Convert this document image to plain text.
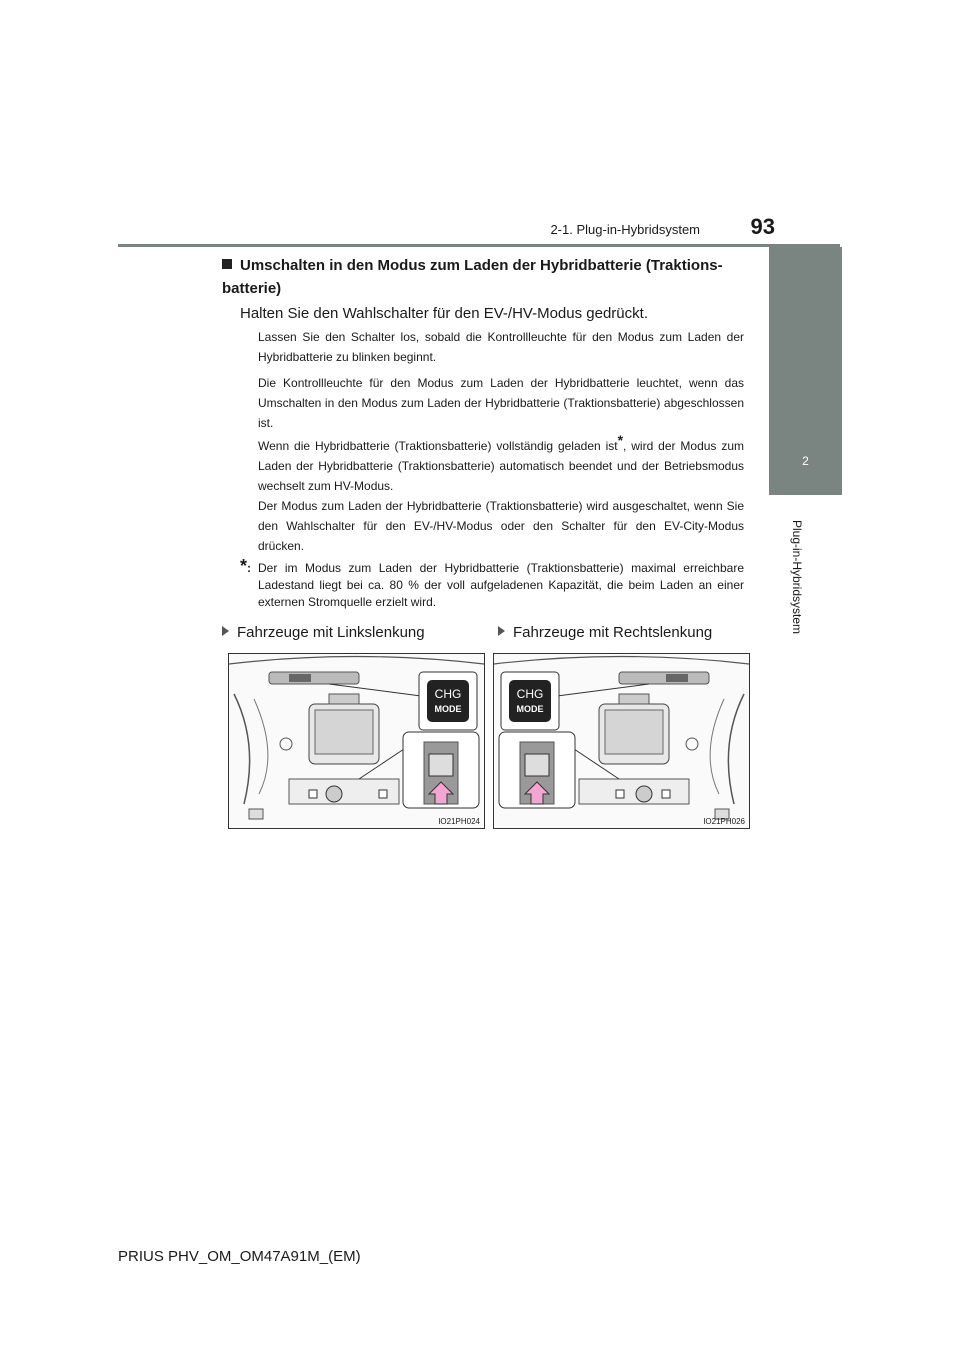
2-1. Plug-in-Hybridsystem	93
2
Plug-in-Hybridsystem
Umschalten in den Modus zum Laden der Hybridbatterie (Traktions-batterie)
Halten Sie den Wahlschalter für den EV-/HV-Modus gedrückt.
Lassen Sie den Schalter los, sobald die Kontrollleuchte für den Modus zum Laden der Hybridbatterie zu blinken beginnt.
Die Kontrollleuchte für den Modus zum Laden der Hybridbatterie leuchtet, wenn das Umschalten in den Modus zum Laden der Hybridbatterie (Traktionsbatterie) abgeschlossen ist.
Wenn die Hybridbatterie (Traktionsbatterie) vollständig geladen ist*, wird der Modus zum Laden der Hybridbatterie (Traktionsbatterie) automatisch beendet und der Betriebsmodus wechselt zum HV-Modus.
Der Modus zum Laden der Hybridbatterie (Traktionsbatterie) wird ausgeschaltet, wenn Sie den Wahlschalter für den EV-/HV-Modus oder den Schalter für den EV-City-Modus drücken.
*: Der im Modus zum Laden der Hybridbatterie (Traktionsbatterie) maximal erreichbare Ladestand liegt bei ca. 80 % der voll aufgeladenen Kapazität, die beim Laden an einer externen Stromquelle erzielt wird.
Fahrzeuge mit Linkslenkung	Fahrzeuge mit Rechtslenkung
CHG
MODE
IO21PH024
CHG
MODE
IO21PH026
PRIUS PHV_OM_OM47A91M_(EM)
